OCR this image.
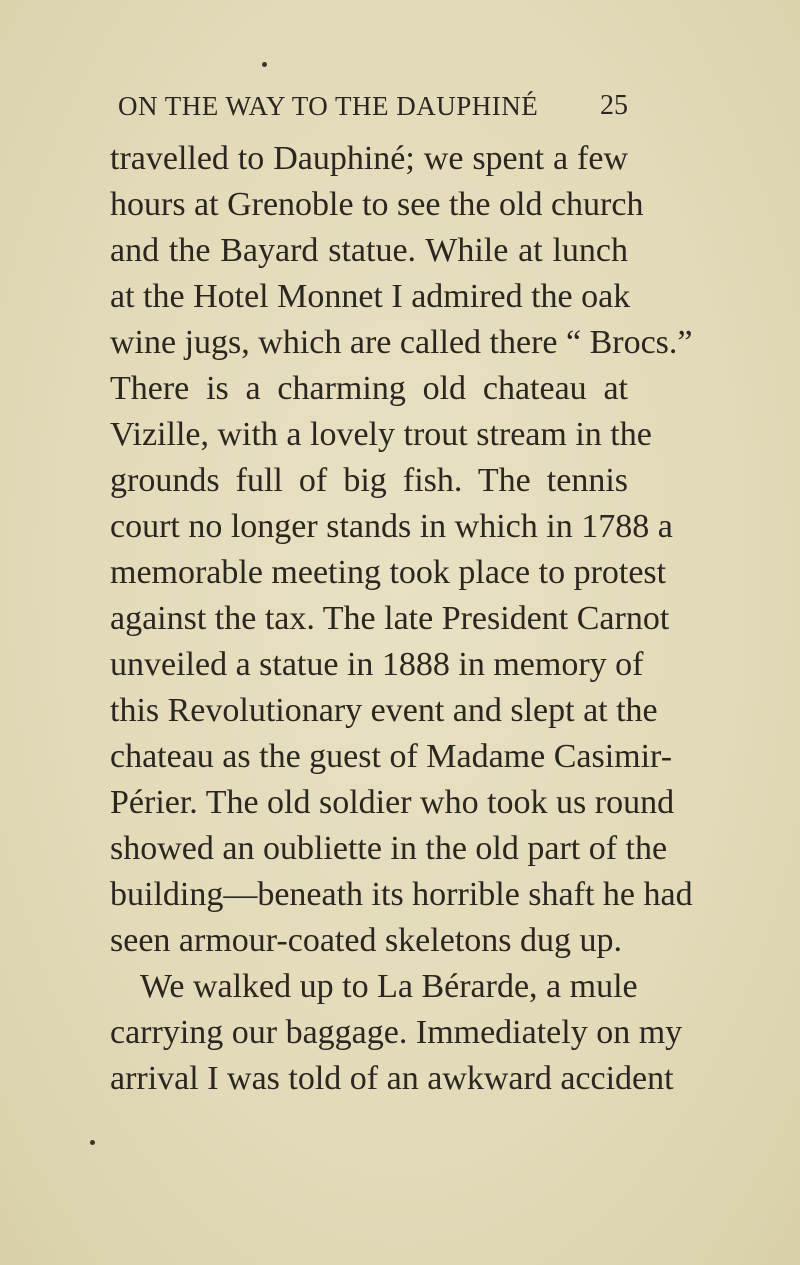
ON THE WAY TO THE DAUPHINÉ 25
travelled to Dauphiné; we spent a few
hours at Grenoble to see the old church
and the Bayard statue. While at lunch
at the Hotel Monnet I admired the oak
wine jugs, which are called there “ Brocs.”
There is a charming old chateau at
Vizille, with a lovely trout stream in the
grounds full of big fish. The tennis
court no longer stands in which in 1788 a
memorable meeting took place to protest
against the tax. The late President Carnot
unveiled a statue in 1888 in memory of
this Revolutionary event and slept at the
chateau as the guest of Madame Casimir-
Périer. The old soldier who took us round
showed an oubliette in the old part of the
building—beneath its horrible shaft he had
seen armour-coated skeletons dug up.
We walked up to La Bérarde, a mule
carrying our baggage. Immediately on my
arrival I was told of an awkward accident
